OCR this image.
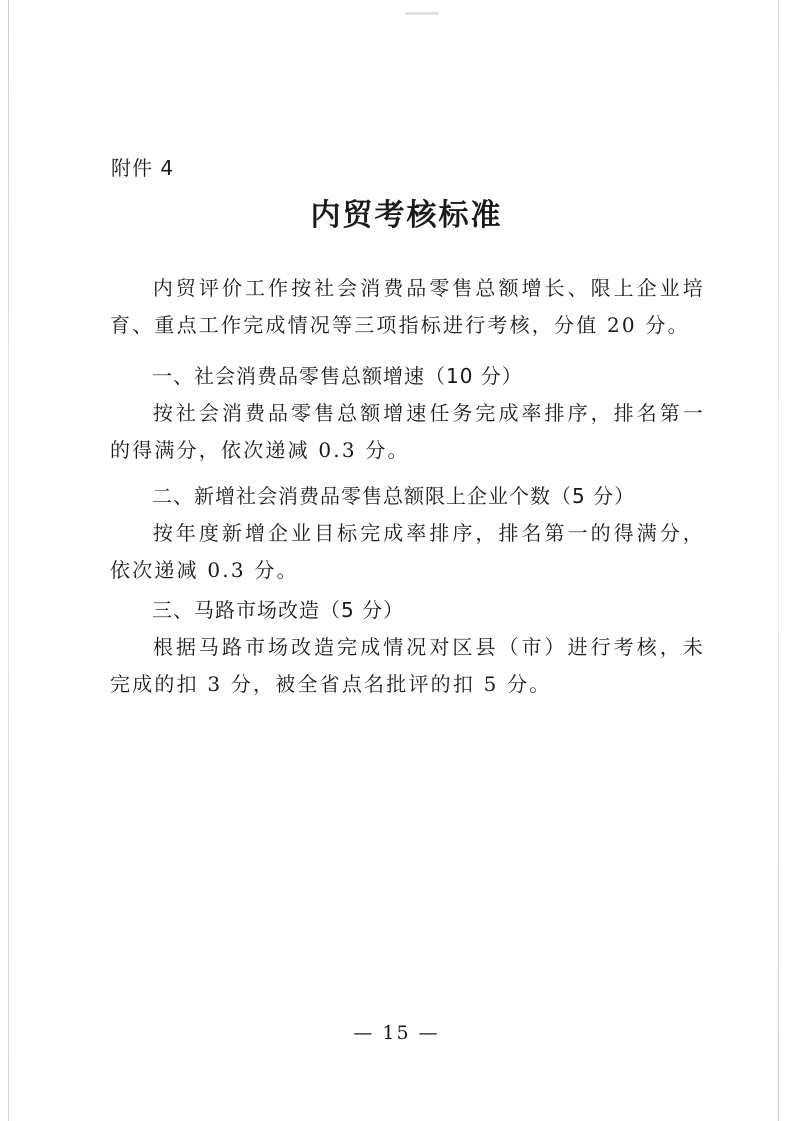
附件 4
内贸考核标准

内贸评价工作按社会消费品零售总额增长、限上企业培育、重点工作完成情况等三项指标进行考核，分值 20 分。

一、社会消费品零售总额增速（10 分）

按社会消费品零售总额增速任务完成率排序，排名第一的得满分，依次递减 0.3 分。

二、新增社会消费品零售总额限上企业个数（5 分）

按年度新增企业目标完成率排序，排名第一的得满分，依次递减 0.3 分。

三、马路市场改造（5 分）

根据马路市场改造完成情况对区县（市）进行考核，未完成的扣 3 分，被全省点名批评的扣 5 分。

— 15 —
